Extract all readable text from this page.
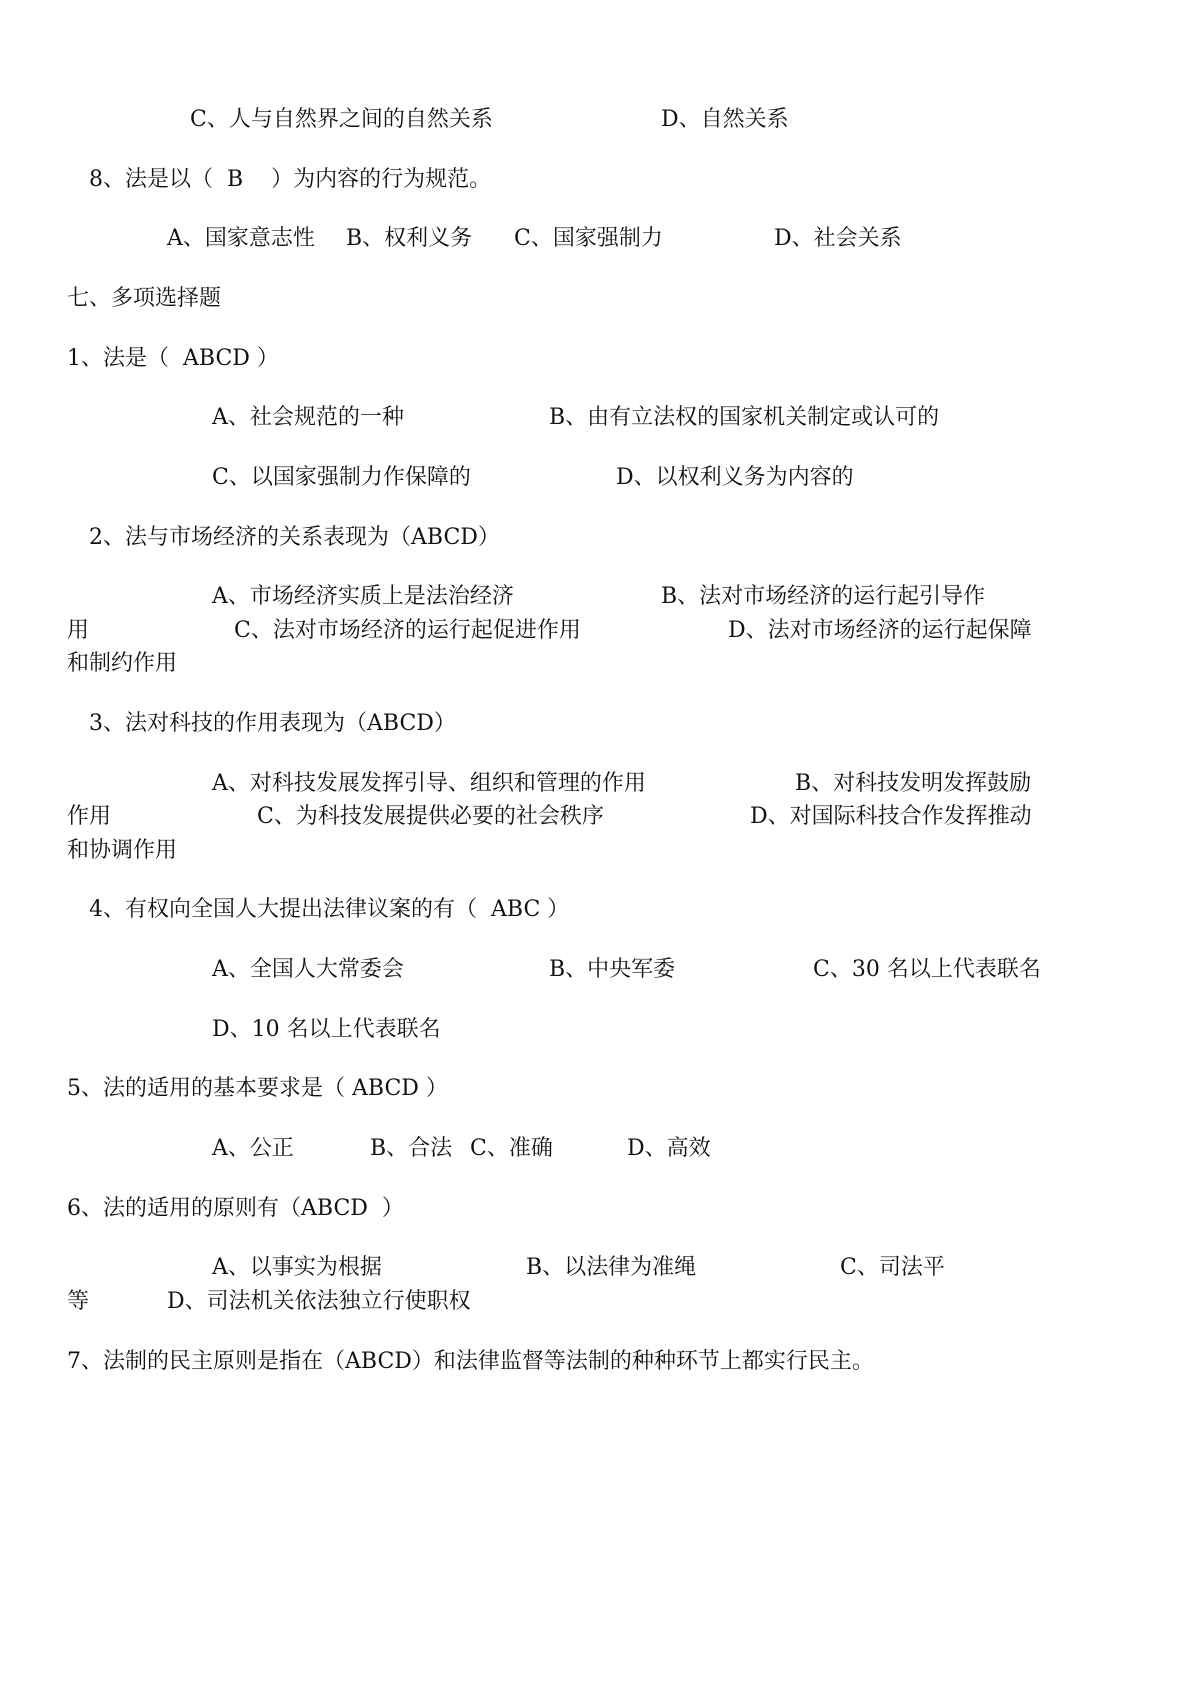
C、人与自然界之间的自然关系	D、自然关系
8、法是以（  B    ）为内容的行为规范。
A、国家意志性 B、权利义务 C、国家强制力	D、社会关系
七、多项选择题
1、法是（  ABCD ）
A、社会规范的一种	B、由有立法权的国家机关制定或认可的
C、以国家强制力作保障的	D、以权利义务为内容的
2、法与市场经济的关系表现为（ABCD）
A、市场经济实质上是法治经济	B、法对市场经济的运行起引导作
用	C、法对市场经济的运行起促进作用	D、法对市场经济的运行起保障
和制约作用
3、法对科技的作用表现为（ABCD）
A、对科技发展发挥引导、组织和管理的作用	B、对科技发明发挥鼓励
作用	C、为科技发展提供必要的社会秩序	D、对国际科技合作发挥推动
和协调作用
4、有权向全国人大提出法律议案的有（  ABC ）
A、全国人大常委会	B、中央军委	C、30 名以上代表联名
D、10 名以上代表联名
5、法的适用的基本要求是（ ABCD ）
A、公正	B、合法 C、准确	D、高效
6、法的适用的原则有（ABCD  ）
A、以事实为根据	B、以法律为准绳	C、司法平
等	D、司法机关依法独立行使职权
7、法制的民主原则是指在（ABCD）和法律监督等法制的种种环节上都实行民主。
